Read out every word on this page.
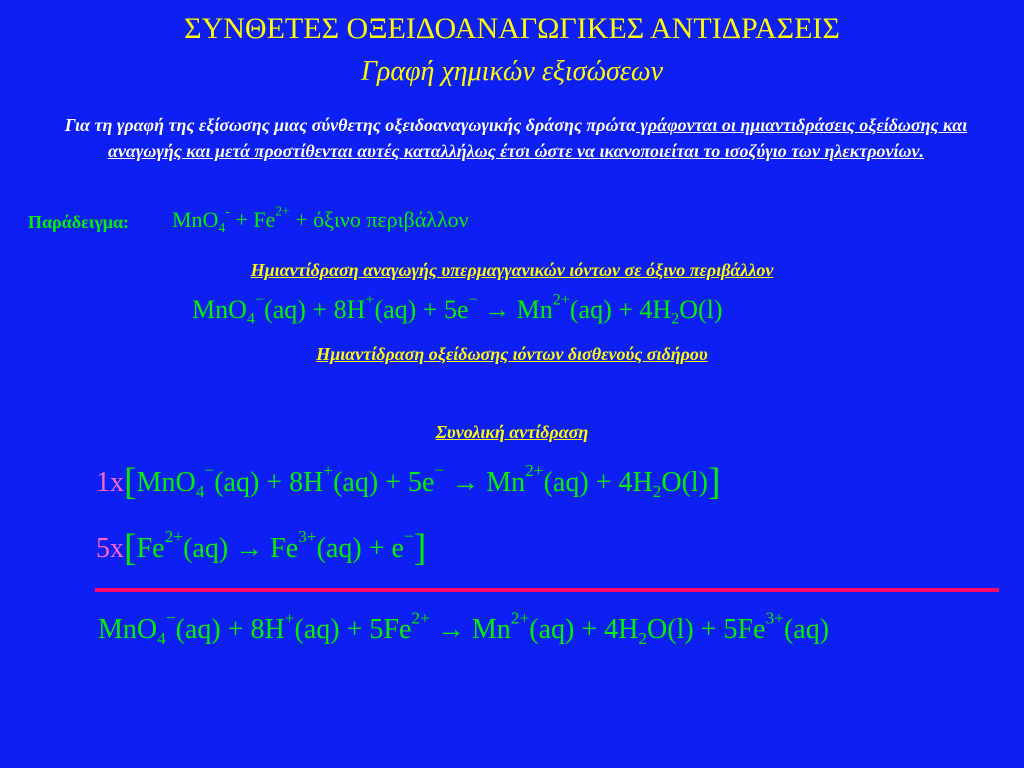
ΣΥΝΘΕΤΕΣ ΟΞΕΙΔΟΑΝΑΓΩΓΙΚΕΣ ΑΝΤΙΔΡΑΣΕΙΣ
Γραφή χημικών εξισώσεων
Για τη γραφή της εξίσωσης μιας σύνθετης οξειδοαναγωγικής δράσης πρώτα γράφονται οι ημιαντιδράσεις οξείδωσης και αναγωγής και μετά προστίθενται αυτές καταλλήλως έτσι ώστε να ικανοποιείται το ισοζύγιο των ηλεκτρονίων.
Παράδειγμα: $MnO_4^- + Fe^{2+} + ό\xi\iota\nu o$ περιβάλλον
Ημιαντίδραση αναγωγής υπερμαγγανικών ιόντων σε όξινο περιβάλλον
$MnO_4^-(aq) + 8H^+(aq) + 5e^- \to Mn^{2+}(aq) + 4H_2O(l)$
Ημιαντίδραση οξείδωσης ιόντων δισθενούς σιδήρου
Συνολική αντίδραση
$1x[MnO_4^-(aq) + 8H^+(aq) + 5e^- \to Mn^{2+}(aq) + 4H_2O(l)]$
$5x[Fe^{2+}(aq) \to Fe^{3+}(aq) + e^-]$
$MnO_4^-(aq) + 8H^+(aq) + 5Fe^{2+} \to Mn^{2+}(aq) + 4H_2O(l) + 5Fe^{3+}(aq)$
